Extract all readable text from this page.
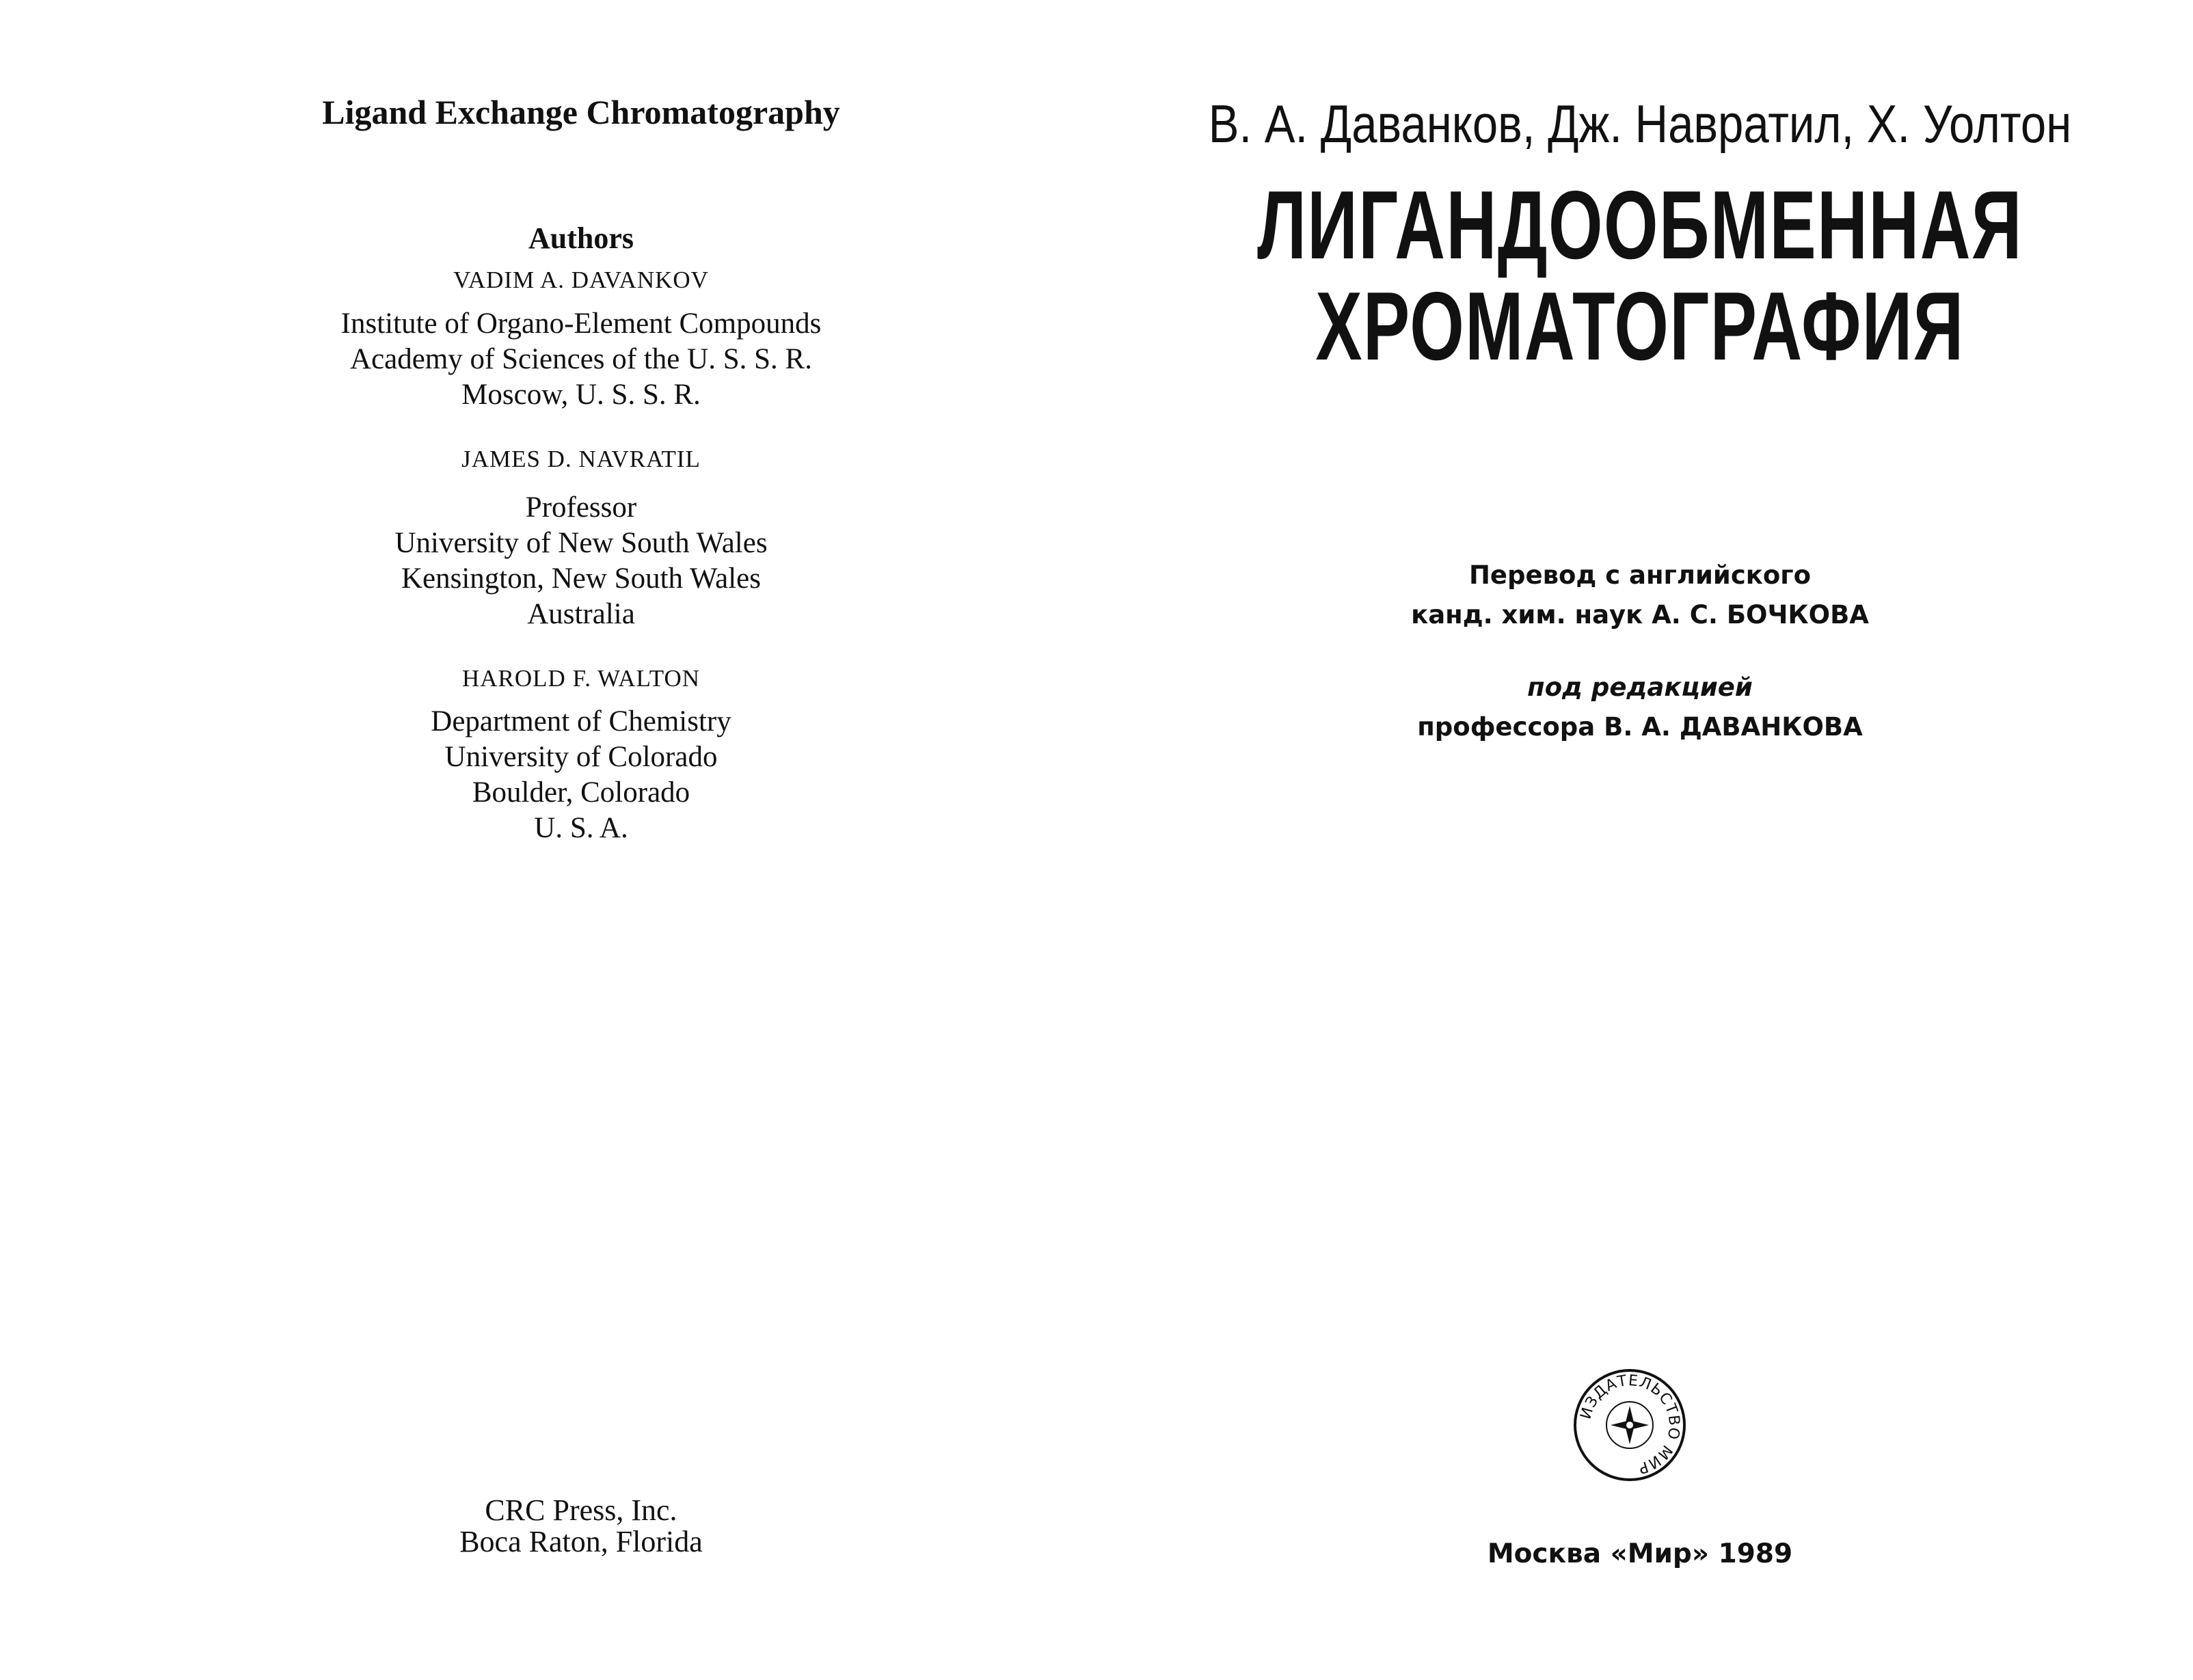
Ligand Exchange Chromatography
Authors
VADIM A. DAVANKOV
Institute of Organo-Element Compounds
Academy of Sciences of the U. S. S. R.
Moscow, U. S. S. R.
JAMES D. NAVRATIL
Professor
University of New South Wales
Kensington, New South Wales
Australia
HAROLD F. WALTON
Department of Chemistry
University of Colorado
Boulder, Colorado
U. S. A.
CRC Press, Inc.
Boca Raton, Florida
В. А. Даванков, Дж. Навратил, Х. Уолтон
ЛИГАНДООБМЕННАЯ
ХРОМАТОГРАФИЯ
Перевод с английского
канд. хим. наук А. С. БОЧКОВА
под редакцией
профессора В. А. ДАВАНКОВА
ИЗДАТЕЛЬСТВО МИР
Москва «Мир» 1989
